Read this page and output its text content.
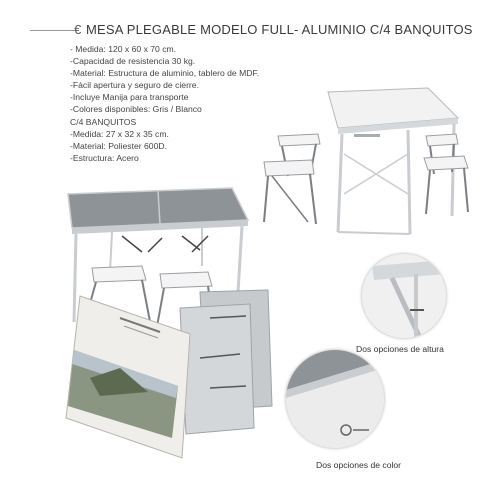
€ MESA PLEGABLE MODELO FULL- ALUMINIO C/4 BANQUITOS
- Medida: 120 x 60 x 70 cm.
-Capacidad de resistencia 30 kg.
-Material: Estructura de aluminio, tablero de MDF.
-Fácil apertura y seguro de cierre.
-Incluye Manija para transporte
-Colores disponibles: Gris / Blanco
C/4 BANQUITOS
-Medida: 27 x 32 x 35 cm.
-Material: Poliester 600D.
-Estructura: Acero
Dos opciones de altura
Dos opciones de color
